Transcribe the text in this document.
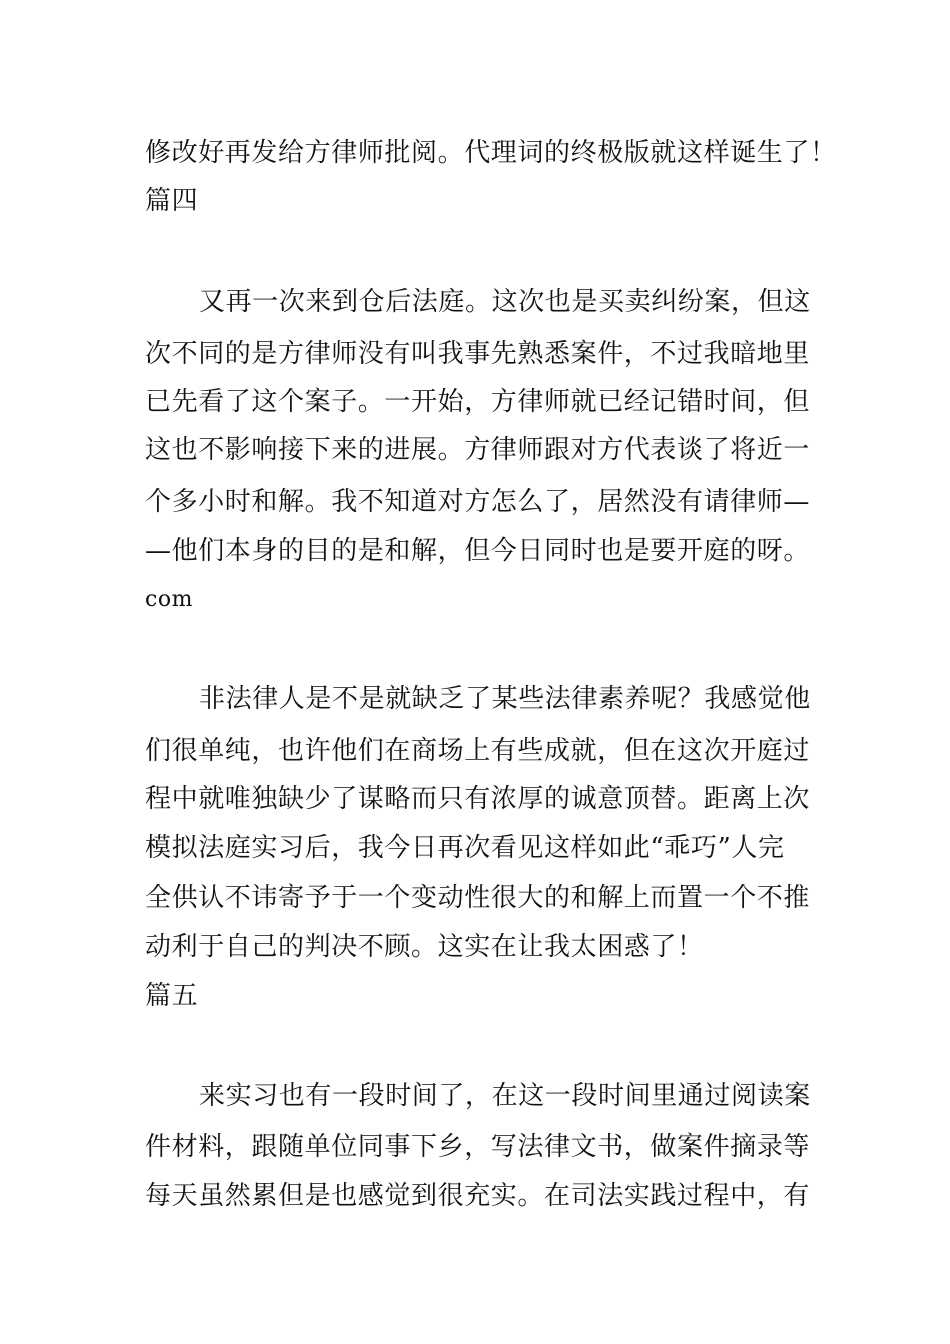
修改好再发给方律师批阅。代理词的终极版就这样诞生了！
篇四
又再一次来到仓后法庭。这次也是买卖纠纷案，但这
次不同的是方律师没有叫我事先熟悉案件，不过我暗地里
已先看了这个案子。一开始，方律师就已经记错时间，但
这也不影响接下来的进展。方律师跟对方代表谈了将近一
个多小时和解。我不知道对方怎么了，居然没有请律师—
—他们本身的目的是和解，但今日同时也是要开庭的呀。
com
非法律人是不是就缺乏了某些法律素养呢？我感觉他
们很单纯，也许他们在商场上有些成就，但在这次开庭过
程中就唯独缺少了谋略而只有浓厚的诚意顶替。距离上次
模拟法庭实习后，我今日再次看见这样如此“乖巧”人完
全供认不讳寄予于一个变动性很大的和解上而置一个不推
动利于自己的判决不顾。这实在让我太困惑了！
篇五
来实习也有一段时间了，在这一段时间里通过阅读案
件材料，跟随单位同事下乡，写法律文书，做案件摘录等
每天虽然累但是也感觉到很充实。在司法实践过程中，有
